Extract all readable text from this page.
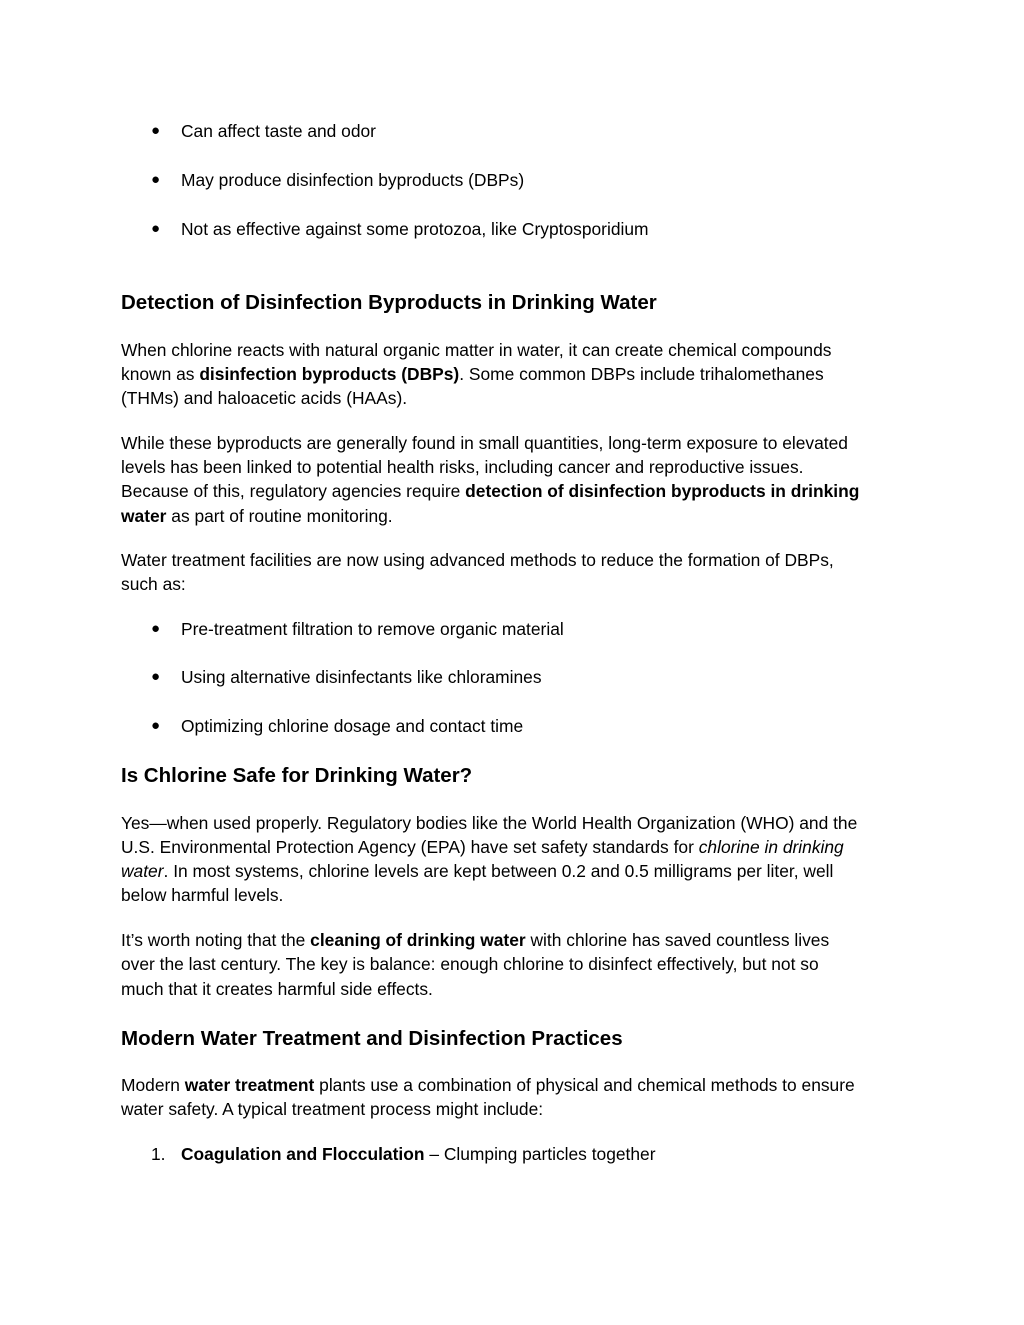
● Can affect taste and odor
● May produce disinfection byproducts (DBPs)
● Not as effective against some protozoa, like Cryptosporidium
Detection of Disinfection Byproducts in Drinking Water
When chlorine reacts with natural organic matter in water, it can create chemical compounds
known as disinfection byproducts (DBPs). Some common DBPs include trihalomethanes
(THMs) and haloacetic acids (HAAs).
While these byproducts are generally found in small quantities, long-term exposure to elevated
levels has been linked to potential health risks, including cancer and reproductive issues.
Because of this, regulatory agencies require detection of disinfection byproducts in drinking
water as part of routine monitoring.
Water treatment facilities are now using advanced methods to reduce the formation of DBPs,
such as:
● Pre-treatment filtration to remove organic material
● Using alternative disinfectants like chloramines
● Optimizing chlorine dosage and contact time
Is Chlorine Safe for Drinking Water?
Yes—when used properly. Regulatory bodies like the World Health Organization (WHO) and the
U.S. Environmental Protection Agency (EPA) have set safety standards for chlorine in drinking
water. In most systems, chlorine levels are kept between 0.2 and 0.5 milligrams per liter, well
below harmful levels.
It’s worth noting that the cleaning of drinking water with chlorine has saved countless lives
over the last century. The key is balance: enough chlorine to disinfect effectively, but not so
much that it creates harmful side effects.
Modern Water Treatment and Disinfection Practices
Modern water treatment plants use a combination of physical and chemical methods to ensure
water safety. A typical treatment process might include:
1. Coagulation and Flocculation – Clumping particles together
